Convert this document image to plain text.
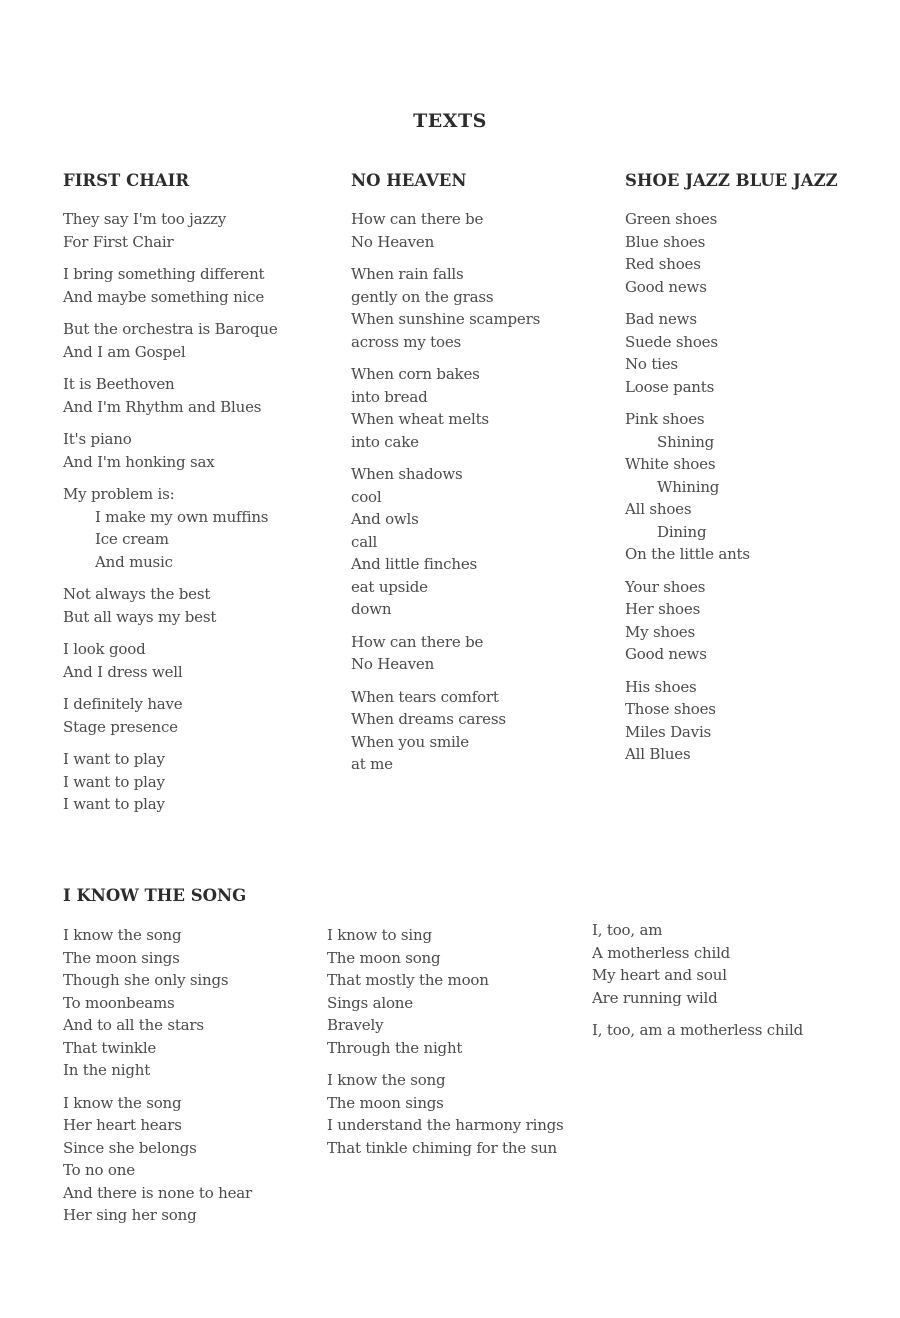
TEXTS
FIRST CHAIR
They say I'm too jazzy
For First Chair
I bring something different
And maybe something nice
But the orchestra is Baroque
And I am Gospel
It is Beethoven
And I'm Rhythm and Blues
It's piano
And I'm honking sax
My problem is:
I make my own muffins
Ice cream
And music
Not always the best
But all ways my best
I look good
And I dress well
I definitely have
Stage presence
I want to play
I want to play
I want to play
NO HEAVEN
How can there be
No Heaven
When rain falls
gently on the grass
When sunshine scampers
across my toes
When corn bakes
into bread
When wheat melts
into cake
When shadows
cool
And owls
call
And little finches
eat upside
down
How can there be
No Heaven
When tears comfort
When dreams caress
When you smile
at me
SHOE JAZZ BLUE JAZZ
Green shoes
Blue shoes
Red shoes
Good news
Bad news
Suede shoes
No ties
Loose pants
Pink shoes
Shining
White shoes
Whining
All shoes
Dining
On the little ants
Your shoes
Her shoes
My shoes
Good news
His shoes
Those shoes
Miles Davis
All Blues
I KNOW THE SONG
I know the song
The moon sings
Though she only sings
To moonbeams
And to all the stars
That twinkle
In the night
I know the song
Her heart hears
Since she belongs
To no one
And there is none to hear
Her sing her song
I know to sing
The moon song
That mostly the moon
Sings alone
Bravely
Through the night
I know the song
The moon sings
I understand the harmony rings
That tinkle chiming for the sun
I, too, am
A motherless child
My heart and soul
Are running wild
I, too, am a motherless child
